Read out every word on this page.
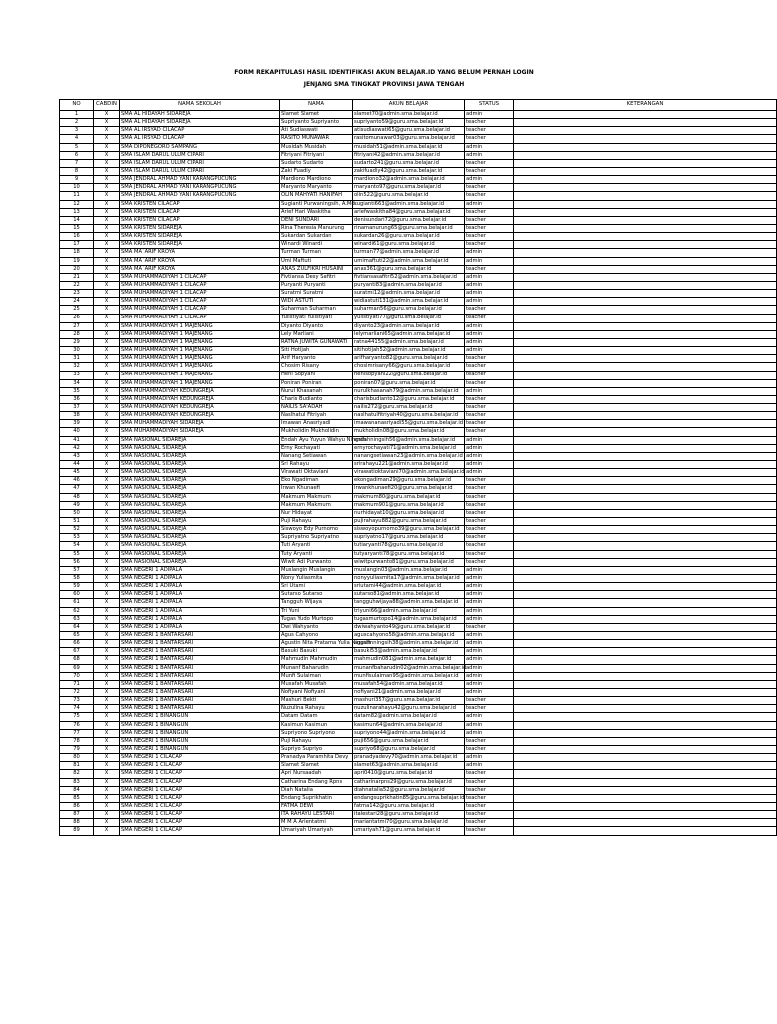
FORM REKAPITULASI HASIL IDENTIFIKASI AKUN BELAJAR.ID YANG BELUM PERNAH LOGIN
JENJANG SMA TINGKAT PROVINSI JAWA TENGAH
NO	CABDIN	NAMA SEKOLAH	NAMA	AKUN BELAJAR	STATUS	KETERANGAN
1	X	SMA AL HIDAYAH SIDAREJA	Slamet Slamet	slamet70@admin.sma.belajar.id	admin	
2	X	SMA AL HIDAYAH SIDAREJA	Supriyanto Supriyanto	supriyanto59@guru.sma.belajar.id	teacher	
3	X	SMA AL IRSYAD CILACAP	Ati Sudiaswati	atisudiaswati65@guru.sma.belajar.id	teacher	
4	X	SMA AL IRSYAD CILACAP	RASITO MUNAWAR	rasitomunawar03@guru.sma.belajar.id	teacher	
5	X	SMA DIPONEGORO SAMPANG	Musidah Musidah	musidah51@admin.sma.belajar.id	admin	
6	X	SMA ISLAM DARUL ULUM CIPARI	Fitriyani Fitriyani	fitriyani42@admin.sma.belajar.id	admin	
7	X	SMA ISLAM DARUL ULUM CIPARI	Sudarto Sudarto	sudarto241@guru.sma.belajar.id	teacher	
8	X	SMA ISLAM DARUL ULUM CIPARI	Zaki Fuadiy	zakifuadiy42@guru.sma.belajar.id	teacher	
9	X	SMA JENDRAL AHMAD YANI KARANGPUCUNG	Mardiono Mardiono	mardiono32@admin.sma.belajar.id	admin	
10	X	SMA JENDRAL AHMAD YANI KARANGPUCUNG	Maryanto Maryanto	maryanto97@guru.sma.belajar.id	teacher	
11	X	SMA JENDRAL AHMAD YANI KARANGPUCUNG	OLIN MAHYATI HANIFAH	olin522@guru.sma.belajar.id	teacher	
12	X	SMA KRISTEN CILACAP	Sugianti Purwaningsih, A.Md.	sugianti663@admin.sma.belajar.id	admin	
13	X	SMA KRISTEN CILACAP	Arief Hari Waskitha	ariefwaskitha84@guru.sma.belajar.id	teacher	
14	X	SMA KRISTEN CILACAP	DENI SUNDARI	denisundari72@guru.sma.belajar.id	teacher	
15	X	SMA KRISTEN SIDAREJA	Rina Theresia Manurung	rinamanurung65@guru.sma.belajar.id	teacher	
16	X	SMA KRISTEN SIDAREJA	Sukardan Sukardan	sukardan26@guru.sma.belajar.id	teacher	
17	X	SMA KRISTEN SIDAREJA	Winardi Winardi	winardi61@guru.sma.belajar.id	teacher	
18	X	SMA MA`ARIF KROYA	Turman Turman	turman77@admin.sma.belajar.id	admin	
19	X	SMA MA`ARIF KROYA	Umi Maftuti	umimaftuti22@admin.sma.belajar.id	admin	
20	X	SMA MA`ARIF KROYA	ANAS ZULFIKRI HUSAINI	anas361@guru.sma.belajar.id	teacher	
21	X	SMA MUHAMMADIYAH 1 CILACAP	Fivtiansa Desy Safitri	fivtiansasafitri52@admin.sma.belajar.id	admin	
22	X	SMA MUHAMMADIYAH 1 CILACAP	Puryanti Puryanti	puryanti83@admin.sma.belajar.id	admin	
23	X	SMA MUHAMMADIYAH 1 CILACAP	Suratmi Suratmi	suratmi12@admin.sma.belajar.id	admin	
24	X	SMA MUHAMMADIYAH 1 CILACAP	WIDI ASTUTI	widiastuti131@admin.sma.belajar.id	admin	
25	X	SMA MUHAMMADIYAH 1 CILACAP	Suharman Suharman	suharman56@guru.sma.belajar.id	teacher	
26	X	SMA MUHAMMADIYAH 1 CILACAP	Yulistiyati Yulistiyati	yulistiyati77@guru.sma.belajar.id	teacher	
27	X	SMA MUHAMMADIYAH 1 MAJENANG	Diyanto Diyanto	diyanto23@admin.sma.belajar.id	admin	
28	X	SMA MUHAMMADIYAH 1 MAJENANG	Lely Marliani	lelymarliani65@admin.sma.belajar.id	admin	
29	X	SMA MUHAMMADIYAH 1 MAJENANG	RATNA JUWITA GUNAWATI	ratna44155@admin.sma.belajar.id	admin	
30	X	SMA MUHAMMADIYAH 1 MAJENANG	Siti Hotijah	sitihotijah52@admin.sma.belajar.id	admin	
31	X	SMA MUHAMMADIYAH 1 MAJENANG	Arif Haryanto	arifharyanto82@guru.sma.belajar.id	teacher	
32	X	SMA MUHAMMADIYAH 1 MAJENANG	Chosim Risany	chosimrisany66@guru.sma.belajar.id	teacher	
33	X	SMA MUHAMMADIYAH 1 MAJENANG	Heni Sopyani	henisopyani22@guru.sma.belajar.id	teacher	
34	X	SMA MUHAMMADIYAH 1 MAJENANG	Poniran Poniran	poniran07@guru.sma.belajar.id	teacher	
35	X	SMA MUHAMMADIYAH KEDUNGREJA	Nurul Khasanah	nurulkhasanah79@admin.sma.belajar.id	admin	
36	X	SMA MUHAMMADIYAH KEDUNGREJA	Charis Budianto	charisbudianto12@guru.sma.belajar.id	teacher	
37	X	SMA MUHAMMADIYAH KEDUNGREJA	NAILIS SA'ADAH	nailis272@guru.sma.belajar.id	teacher	
38	X	SMA MUHAMMADIYAH KEDUNGREJA	Naslhatul Fitriyah	naslhatulfitriyah40@guru.sma.belajar.id	teacher	
39	X	SMA MUHAMMADIYAH SIDAREJA	Imawan Anasriyadi	imawananasriyadi55@guru.sma.belajar.id	teacher	
40	X	SMA MUHAMMADIYAH SIDAREJA	Mukholidin Mukholidin	mukholidin08@guru.sma.belajar.id	teacher	
41	X	SMA NASIONAL SIDAREJA	Endah Ayu Yuyun Wahyu Ningsih	endahningsih56@admin.sma.belajar.id	admin	
42	X	SMA NASIONAL SIDAREJA	Erny Rochayati	ernyrochayati71@admin.sma.belajar.id	admin	
43	X	SMA NASIONAL SIDAREJA	Nanang Setiawan	nanangsetiawan23@admin.sma.belajar.id	admin	
44	X	SMA NASIONAL SIDAREJA	Sri Rahayu	srirahayu221@admin.sma.belajar.id	admin	
45	X	SMA NASIONAL SIDAREJA	Virawati Oktaviani	virawatioktaviani70@admin.sma.belajar.id	admin	
46	X	SMA NASIONAL SIDAREJA	Eko Ngadiman	ekongadiman29@guru.sma.belajar.id	teacher	
47	X	SMA NASIONAL SIDAREJA	Irwan Khunaefi	irwankhunaefi20@guru.sma.belajar.id	teacher	
48	X	SMA NASIONAL SIDAREJA	Makmum Makmum	makmum80@guru.sma.belajar.id	teacher	
49	X	SMA NASIONAL SIDAREJA	Makmum Makmum	makmum901@guru.sma.belajar.id	teacher	
50	X	SMA NASIONAL SIDAREJA	Nur Hidayat	nurhidayat10@guru.sma.belajar.id	teacher	
51	X	SMA NASIONAL SIDAREJA	Puji Rahayu	pujirahayu882@guru.sma.belajar.id	teacher	
52	X	SMA NASIONAL SIDAREJA	Siswoyo Edy Purnomo	siswoyopurnomo39@guru.sma.belajar.id	teacher	
53	X	SMA NASIONAL SIDAREJA	Supriyatno Supriyatno	supriyatno17@guru.sma.belajar.id	teacher	
54	X	SMA NASIONAL SIDAREJA	Tuti Aryanti	tutiaryanti78@guru.sma.belajar.id	teacher	
55	X	SMA NASIONAL SIDAREJA	Tuty Aryanti	tutyaryanti78@guru.sma.belajar.id	teacher	
56	X	SMA NASIONAL SIDAREJA	Wiwit Adi Purwanto	wiwitpurwanto81@guru.sma.belajar.id	teacher	
57	X	SMA NEGERI 1 ADIPALA	Muslangin Muslangin	muslangin03@admin.sma.belajar.id	admin	
58	X	SMA NEGERI 1 ADIPALA	Nony Yuliasmita	nonyyuliasmita17@admin.sma.belajar.id	admin	
59	X	SMA NEGERI 1 ADIPALA	Sri Utami	sriutami44@admin.sma.belajar.id	admin	
60	X	SMA NEGERI 1 ADIPALA	Sutarso Sutarso	sutarso81@admin.sma.belajar.id	admin	
61	X	SMA NEGERI 1 ADIPALA	Tangguh Wijaya	tangguhwijaya88@admin.sma.belajar.id	admin	
62	X	SMA NEGERI 1 ADIPALA	Tri Yuni	triyuni66@admin.sma.belajar.id	admin	
63	X	SMA NEGERI 1 ADIPALA	Tugas Yudo Murtopo	tugasmurtopo14@admin.sma.belajar.id	admin	
64	X	SMA NEGERI 1 ADIPALA	Dwi Wahyanto	dwiwahyanto49@guru.sma.belajar.id	teacher	
65	X	SMA NEGERI 1 BANTARSARI	Agus Cahyono	aguscahyono58@admin.sma.belajar.id	admin	
66	X	SMA NEGERI 1 BANTARSARI	Agustin Nita Pratama Yulia Ningsih	agustinningsih38@admin.sma.belajar.id	admin	
67	X	SMA NEGERI 1 BANTARSARI	Basuki Basuki	basuki53@admin.sma.belajar.id	admin	
68	X	SMA NEGERI 1 BANTARSARI	Mahmudin Mahmudin	mahmudin081@admin.sma.belajar.id	admin	
69	X	SMA NEGERI 1 BANTARSARI	Munanf Baharudin	munanfbaharudin02@admin.sma.belajar.id	admin	
70	X	SMA NEGERI 1 BANTARSARI	Munfi Sulaiman	munfisulaiman95@admin.sma.belajar.id	admin	
71	X	SMA NEGERI 1 BANTARSARI	Musafah Musafah	musafah54@admin.sma.belajar.id	admin	
72	X	SMA NEGERI 1 BANTARSARI	Nofiyani Nofiyani	nofiyani21@admin.sma.belajar.id	admin	
73	X	SMA NEGERI 1 BANTARSARI	Mashuri Bekti	mashuri357@guru.sma.belajar.id	teacher	
74	X	SMA NEGERI 1 BANTARSARI	Nuzulina Rahayu	nuzulinarahayu42@guru.sma.belajar.id	teacher	
75	X	SMA NEGERI 1 BINANGUN	Datam Datam	datam82@admin.sma.belajar.id	admin	
76	X	SMA NEGERI 1 BINANGUN	Kasimun Kasimun	kasimun64@admin.sma.belajar.id	admin	
77	X	SMA NEGERI 1 BINANGUN	Supriyono Supriyono	supriyono44@admin.sma.belajar.id	admin	
78	X	SMA NEGERI 1 BINANGUN	Puji Rahayu	puji656@guru.sma.belajar.id	teacher	
79	X	SMA NEGERI 1 BINANGUN	Supriyo Supriyo	supriyo68@guru.sma.belajar.id	teacher	
80	X	SMA NEGERI 1 CILACAP	Pranadya Paramhita Devy	pranadyadevy70@admin.sma.belajar.id	admin	
81	X	SMA NEGERI 1 CILACAP	Slamet Slamet	slamet63@admin.sma.belajar.id	admin	
82	X	SMA NEGERI 1 CILACAP	Apri Nursaadah	apri0410@guru.sma.belajar.id	teacher	
83	X	SMA NEGERI 1 CILACAP	Catharina Endang Rpns	catharinarpns29@guru.sma.belajar.id	teacher	
84	X	SMA NEGERI 1 CILACAP	Diah Natalia	diahnatalia52@guru.sma.belajar.id	teacher	
85	X	SMA NEGERI 1 CILACAP	Endang Suprikhatin	endangsuprikhatin85@guru.sma.belajar.id	teacher	
86	X	SMA NEGERI 1 CILACAP	FATMA DEWI	fatma142@guru.sma.belajar.id	teacher	
87	X	SMA NEGERI 1 CILACAP	ITA RAHAYU LESTARI	italestari28@guru.sma.belajar.id	teacher	
88	X	SMA NEGERI 1 CILACAP	M M A Arientatmi	mariantatmi70@guru.sma.belajar.id	teacher	
89	X	SMA NEGERI 1 CILACAP	Umariyah Umariyah	umariyah71@guru.sma.belajar.id	teacher	
